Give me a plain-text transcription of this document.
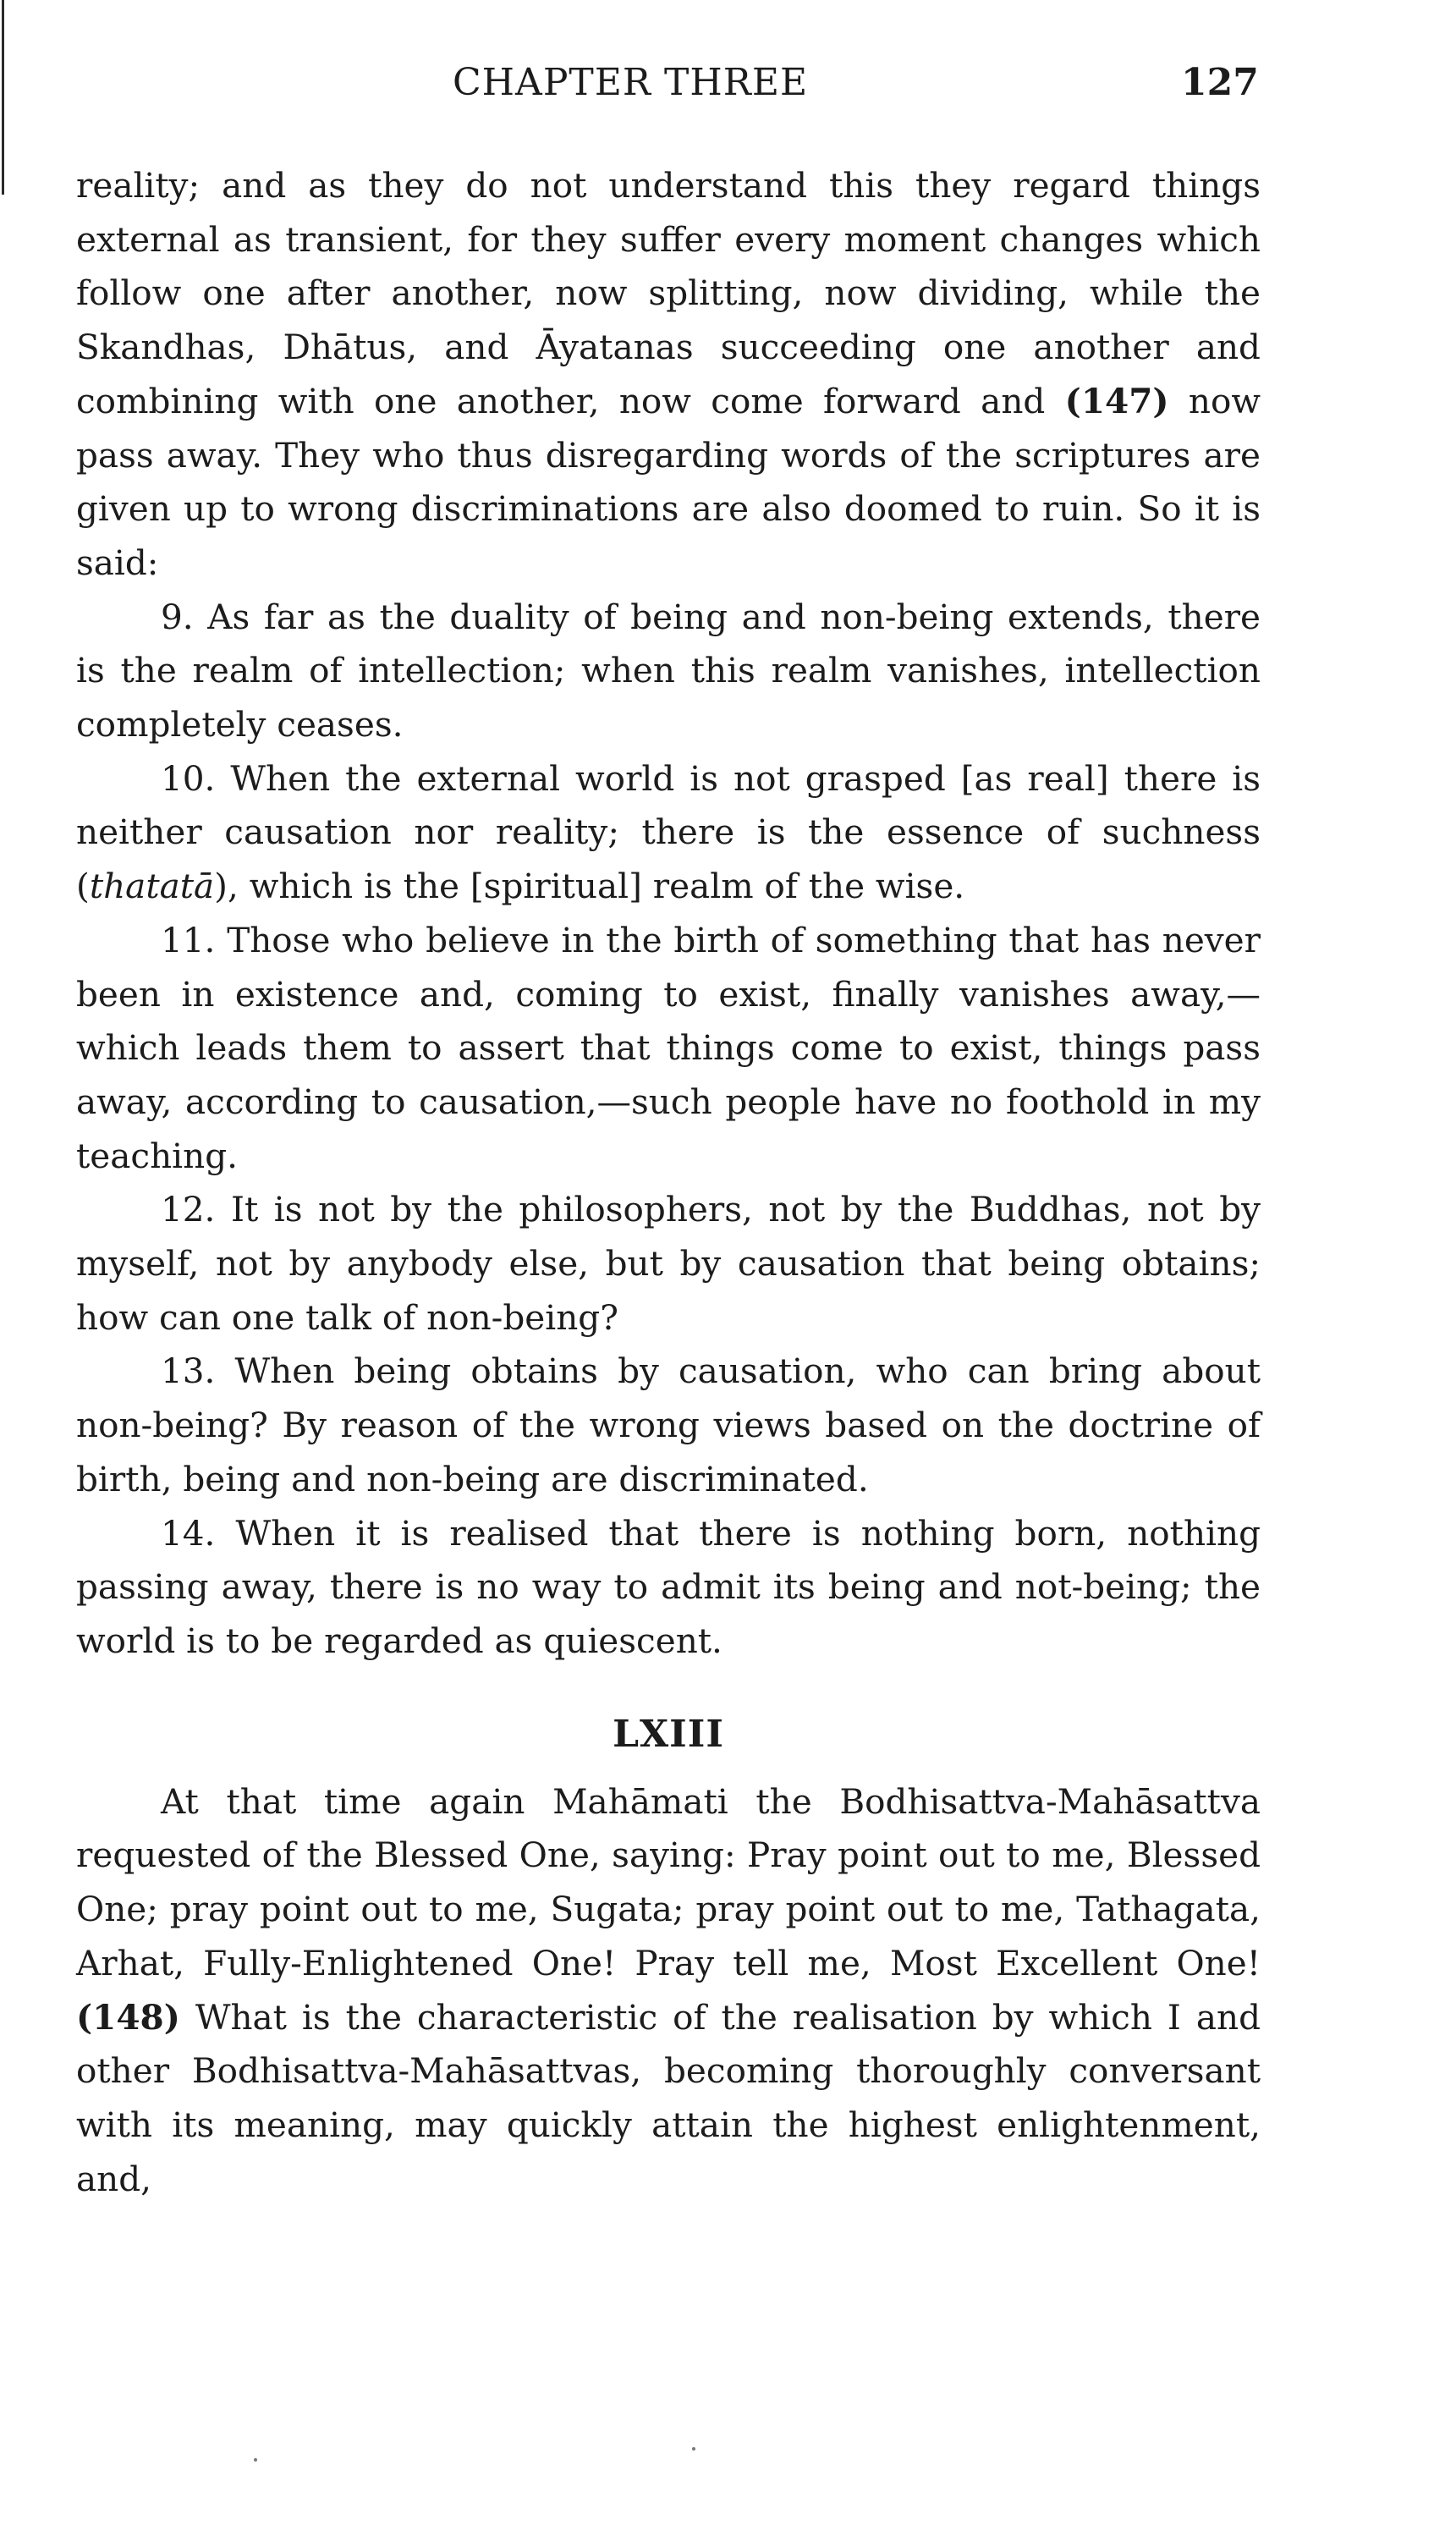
CHAPTER THREE	127

reality; and as they do not understand this they regard things external as transient, for they suffer every moment changes which follow one after another, now splitting, now dividing, while the Skandhas, Dhātus, and Āyatanas succeeding one another and combining with one another, now come forward and (147) now pass away. They who thus disregarding words of the scriptures are given up to wrong discriminations are also doomed to ruin. So it is said:

9. As far as the duality of being and non-being extends, there is the realm of intellection; when this realm vanishes, intellection completely ceases.

10. When the external world is not grasped [as real] there is neither causation nor reality; there is the essence of suchness (thatatā), which is the [spiritual] realm of the wise.

11. Those who believe in the birth of something that has never been in existence and, coming to exist, finally vanishes away,—which leads them to assert that things come to exist, things pass away, according to causation,—such people have no foothold in my teaching.

12. It is not by the philosophers, not by the Buddhas, not by myself, not by anybody else, but by causation that being obtains; how can one talk of non-being?

13. When being obtains by causation, who can bring about non-being? By reason of the wrong views based on the doctrine of birth, being and non-being are discriminated.

14. When it is realised that there is nothing born, nothing passing away, there is no way to admit its being and not-being; the world is to be regarded as quiescent.

LXIII

At that time again Mahāmati the Bodhisattva-Mahāsattva requested of the Blessed One, saying: Pray point out to me, Blessed One; pray point out to me, Sugata; pray point out to me, Tathagata, Arhat, Fully-Enlightened One! Pray tell me, Most Excellent One! (148) What is the characteristic of the realisation by which I and other Bodhisattva-Mahāsattvas, becoming thoroughly conversant with its meaning, may quickly attain the highest enlightenment, and,
